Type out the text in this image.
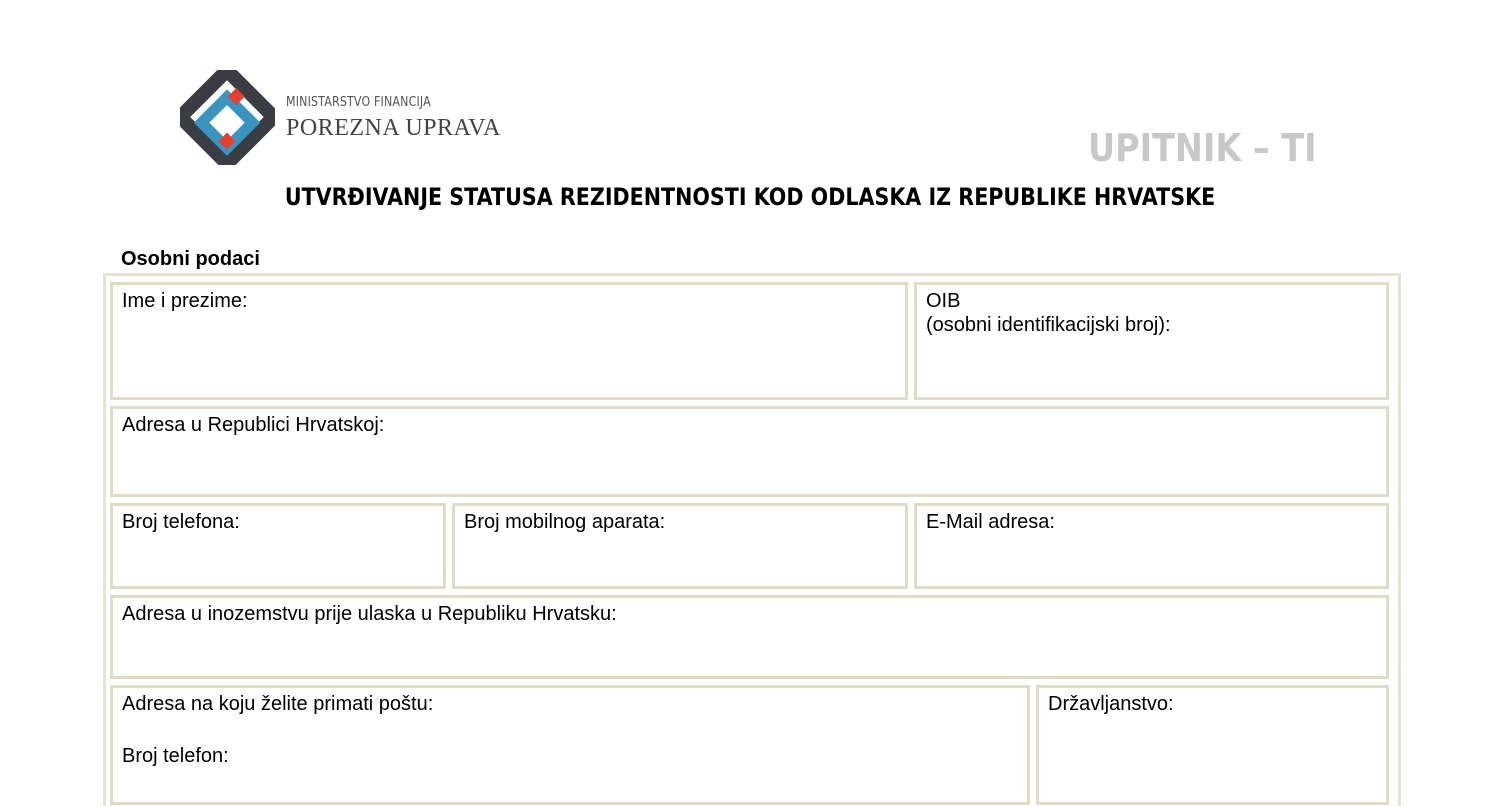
MINISTARSTVO FINANCIJA
POREZNA UPRAVA	UPITNIK – TI
UTVRĐIVANJE STATUSA REZIDENTNOSTI KOD ODLASKA IZ REPUBLIKE HRVATSKE
Osobni podaci
Ime i prezime:	OIB
(osobni identifikacijski broj):
Adresa u Republici Hrvatskoj:
Broj telefona:	Broj mobilnog aparata:	E-Mail adresa:
Adresa u inozemstvu prije ulaska u Republiku Hrvatsku:
Adresa na koju želite primati poštu:
Broj telefon:
Državljanstvo:
